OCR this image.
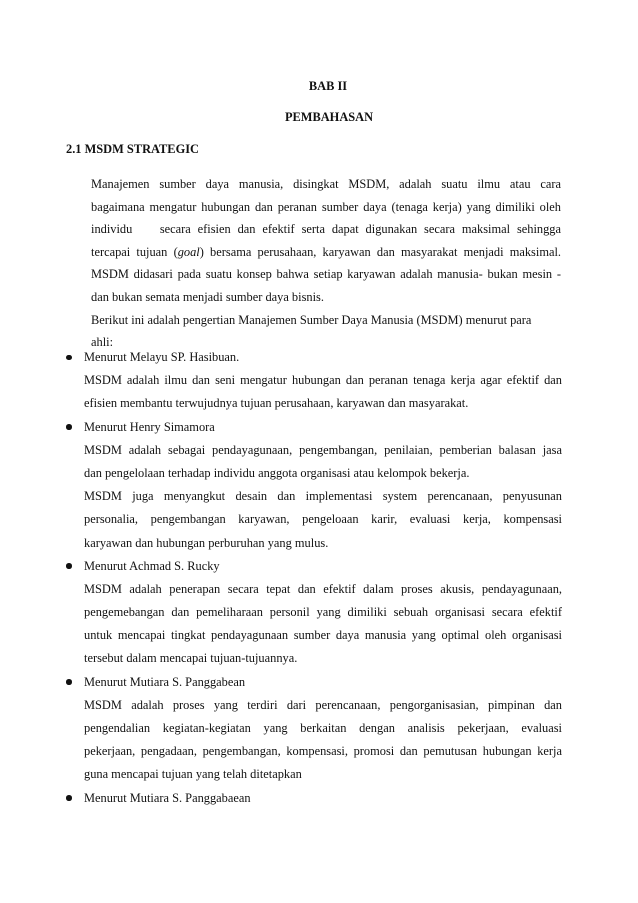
BAB II
PEMBAHASAN
2.1 MSDM STRATEGIC
Manajemen sumber daya manusia, disingkat MSDM, adalah suatu ilmu atau cara
bagaimana mengatur hubungan dan peranan sumber daya (tenaga kerja) yang dimiliki oleh
individu    secara efisien dan efektif serta dapat digunakan secara maksimal sehingga
tercapai tujuan (goal) bersama perusahaan, karyawan dan masyarakat menjadi maksimal.
MSDM didasari pada suatu konsep bahwa setiap karyawan adalah manusia- bukan mesin -
dan bukan semata menjadi sumber daya bisnis.
Berikut ini adalah pengertian Manajemen Sumber Daya Manusia (MSDM) menurut para
ahli:
Menurut Melayu SP. Hasibuan.
MSDM adalah ilmu dan seni mengatur hubungan dan peranan tenaga kerja agar efektif dan
efisien membantu terwujudnya tujuan perusahaan, karyawan dan masyarakat.
Menurut Henry Simamora
MSDM adalah sebagai pendayagunaan, pengembangan, penilaian, pemberian balasan jasa
dan pengelolaan terhadap individu anggota organisasi atau kelompok bekerja.
MSDM juga menyangkut desain dan implementasi system perencanaan, penyusunan
personalia, pengembangan karyawan, pengeloaan karir, evaluasi kerja, kompensasi
karyawan dan hubungan perburuhan yang mulus.
Menurut Achmad S. Rucky
MSDM adalah penerapan secara tepat dan efektif dalam proses akusis, pendayagunaan,
pengemebangan dan pemeliharaan personil yang dimiliki sebuah organisasi secara efektif
untuk mencapai tingkat pendayagunaan sumber daya manusia yang optimal oleh organisasi
tersebut dalam mencapai tujuan-tujuannya.
Menurut Mutiara S. Panggabean
MSDM adalah proses yang terdiri dari perencanaan, pengorganisasian, pimpinan dan
pengendalian kegiatan-kegiatan yang berkaitan dengan analisis pekerjaan, evaluasi
pekerjaan, pengadaan, pengembangan, kompensasi, promosi dan pemutusan hubungan kerja
guna mencapai tujuan yang telah ditetapkan
Menurut Mutiara S. Panggabaean
